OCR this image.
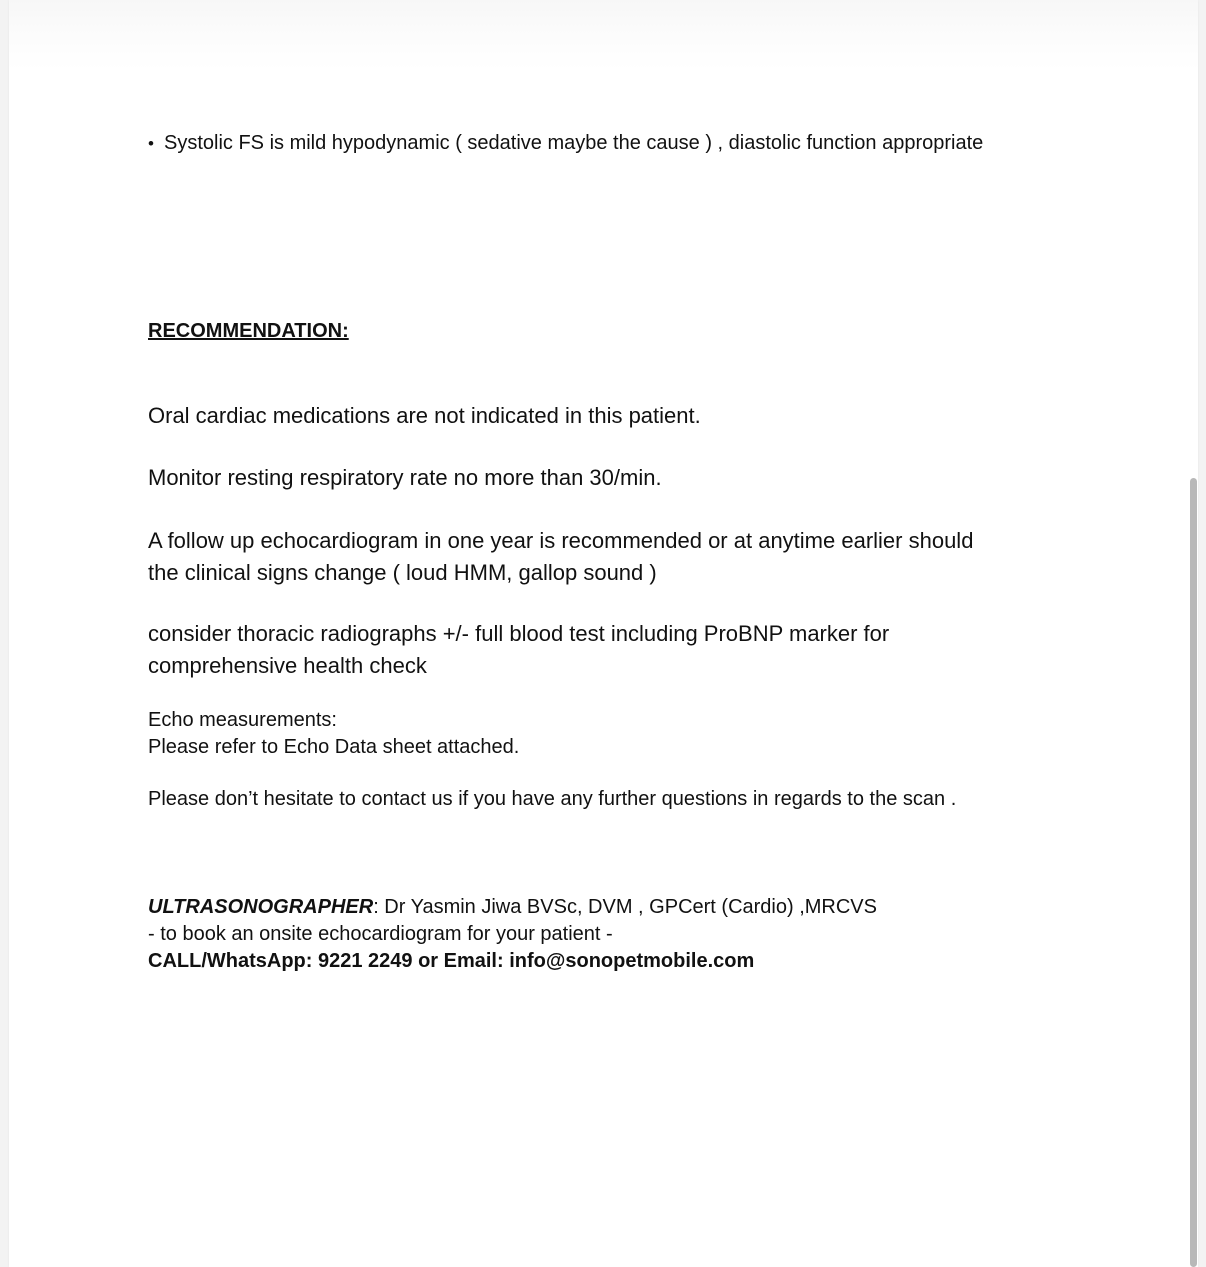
• Systolic FS is mild hypodynamic ( sedative maybe the cause ) , diastolic function appropriate
RECOMMENDATION:
Oral cardiac medications are not indicated in this patient.
Monitor resting respiratory rate no more than 30/min.
A follow up echocardiogram in one year is recommended or at anytime earlier should
the clinical signs change ( loud HMM, gallop sound )
consider thoracic radiographs +/- full blood test including ProBNP marker for
comprehensive health check
Echo measurements:
Please refer to Echo Data sheet attached.
Please don’t hesitate to contact us if you have any further questions in regards to the scan .
ULTRASONOGRAPHER: Dr Yasmin Jiwa BVSc, DVM , GPCert (Cardio) ,MRCVS
- to book an onsite echocardiogram for your patient -
CALL/WhatsApp: 9221 2249 or Email: info@sonopetmobile.com
